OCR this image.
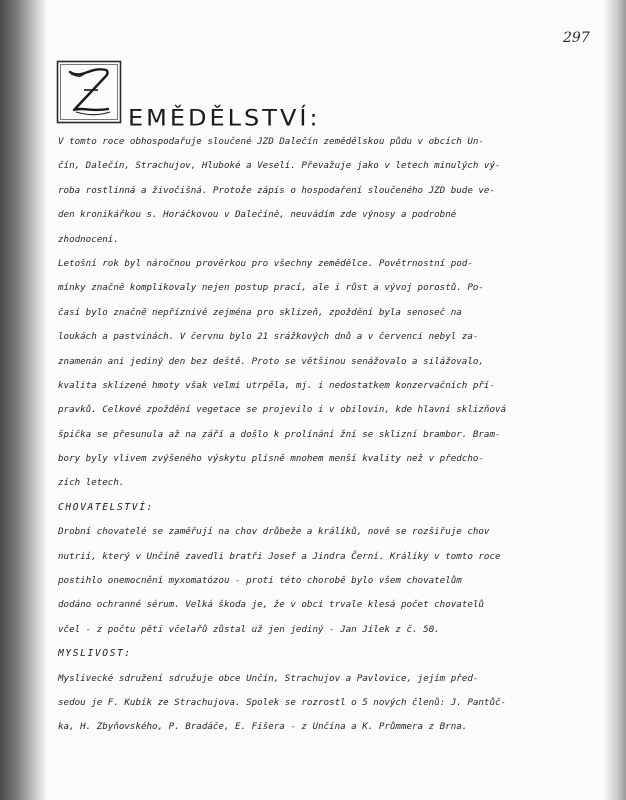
297
Z
EMĚDĚLSTVÍ:
V tomto roce obhospodařuje sloučené JZD Dalečín zemědělskou půdu v obcích Un-
čín, Dalečín, Strachujov, Hluboké a Veselí. Převažuje jako v letech minulých vý-
roba rostlinná a živočišná. Protože zápis o hospodaření sloučeného JZD bude ve-
den kronikářkou s. Horáčkovou v Dalečíně, neuvádím zde výnosy a podrobné
zhodnocení.
Letošní rok byl náročnou prověrkou pro všechny zemědělce. Povětrnostní pod-
mínky značně komplikovaly nejen postup prací, ale i růst a vývoj porostů. Po-
časí bylo značně nepříznivé zejména pro sklizeň, zpoždění byla senoseč na
loukách a pastvinách. V červnu bylo 21 srážkových dnů a v červenci nebyl za-
znamenán ani jediný den bez deště. Proto se většinou senážovalo a silážovalo,
kvalita sklizené hmoty však velmi utrpěla, mj. i nedostatkem konzervačních pří-
pravků. Celkové zpoždění vegetace se projevilo i v obilovin, kde hlavní sklizňová
špička se přesunula až na září a došlo k prolínání žní se sklizní brambor. Bram-
bory byly vlivem zvýšeného výskytu plísně mnohem menší kvality než v předcho-
zích letech.
CHOVATELSTVÍ:
Drobní chovatelé se zaměřují na chov drůbeže a králíků, nově se rozšiřuje chov
nutrií, který v Unčíně zavedli bratři Josef a Jindra Černí. Králíky v tomto roce
postihlo onemocnění myxomatózou - proti této chorobě bylo všem chovatelům
dodáno ochranné sérum. Velká škoda je, že v obci trvale klesá počet chovatelů
včel - z počtu pěti včelařů zůstal už jen jediný - Jan Jílek z č. 50.
MYSLIVOST:
Myslivecké sdružení sdružuje obce Unčín, Strachujov a Pavlovice, jejím před-
sedou je F. Kubík ze Strachujova. Spolek se rozrostl o 5 nových členů: J. Pantůč-
ka, H. Zbyňovského, P. Bradáče, E. Fišera - z Unčína a K. Průmmera z Brna.
